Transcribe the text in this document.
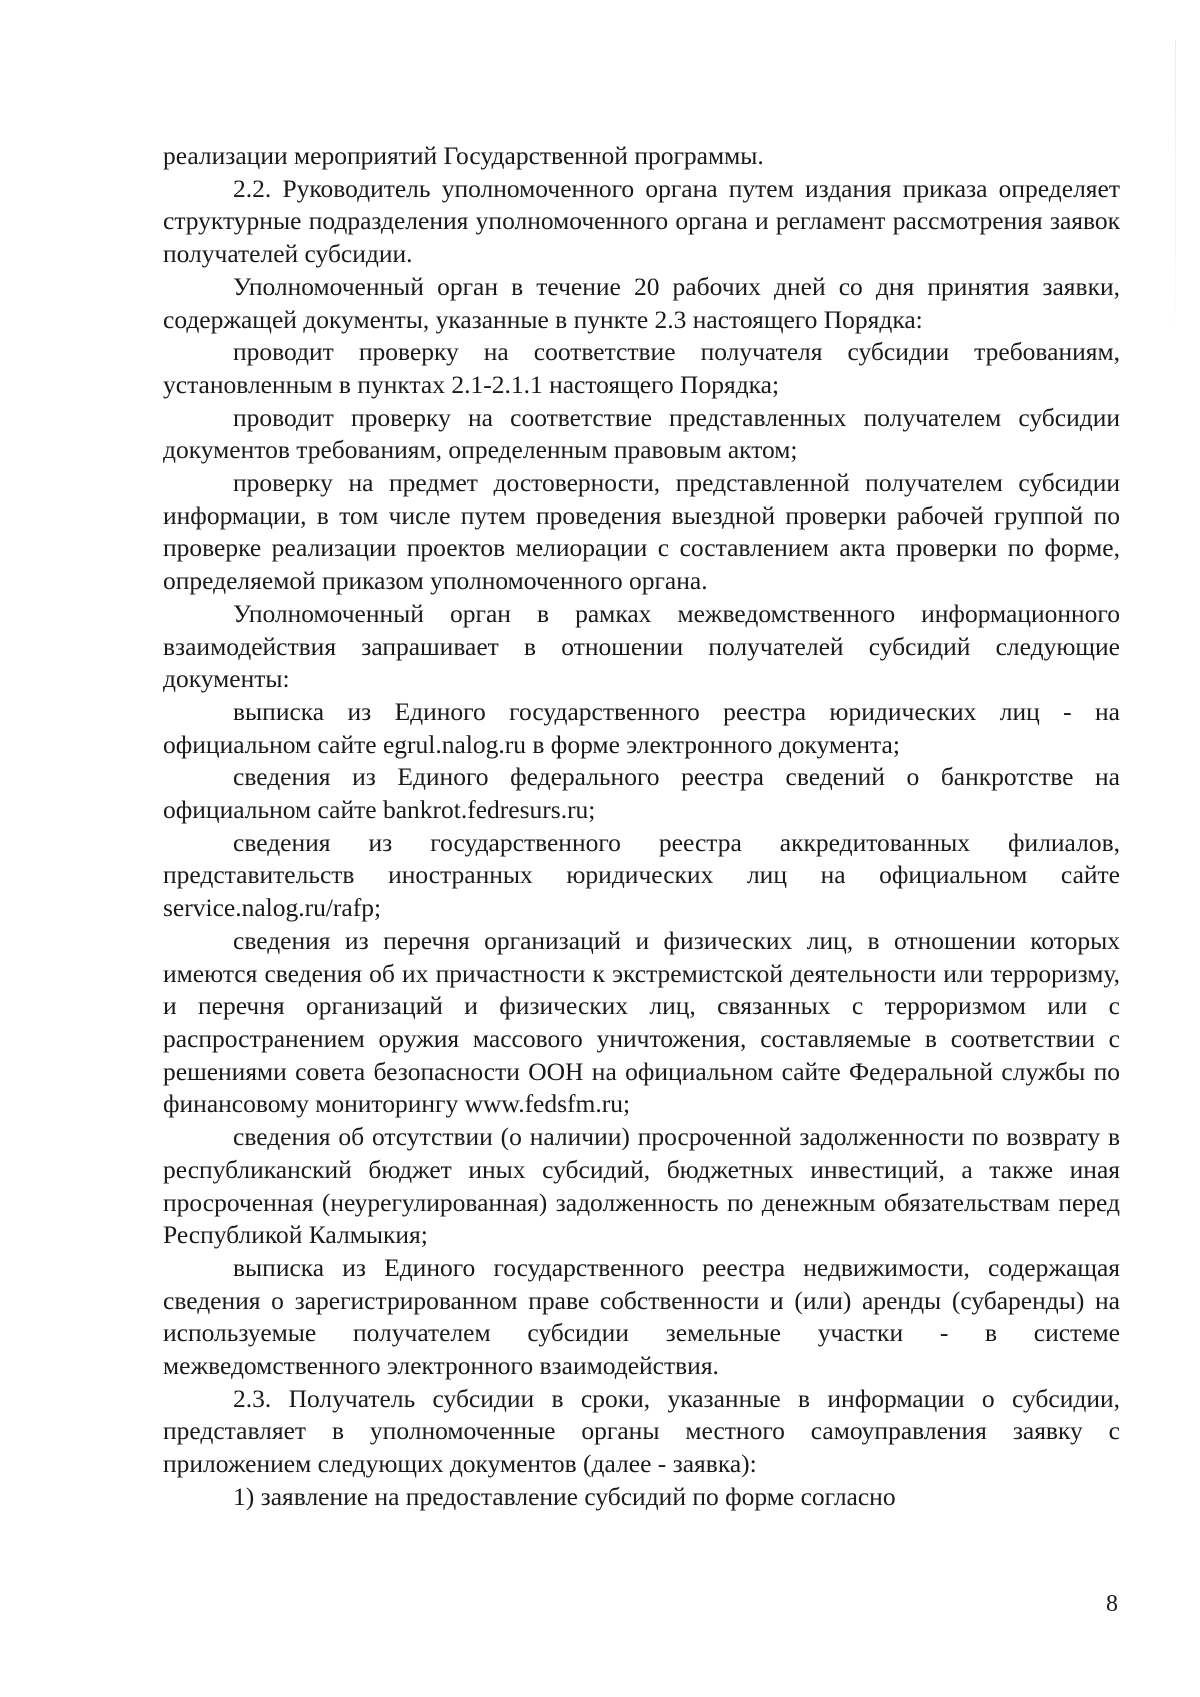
реализации мероприятий Государственной программы.

2.2. Руководитель уполномоченного органа путем издания приказа определяет структурные подразделения уполномоченного органа и регламент рассмотрения заявок получателей субсидии.

Уполномоченный орган в течение 20 рабочих дней со дня принятия заявки, содержащей документы, указанные в пункте 2.3 настоящего Порядка:

проводит проверку на соответствие получателя субсидии требованиям, установленным в пунктах 2.1-2.1.1 настоящего Порядка;

проводит проверку на соответствие представленных получателем субсидии документов требованиям, определенным правовым актом;

проверку на предмет достоверности, представленной получателем субсидии информации, в том числе путем проведения выездной проверки рабочей группой по проверке реализации проектов мелиорации с составлением акта проверки по форме, определяемой приказом уполномоченного органа.

Уполномоченный орган в рамках межведомственного информационного взаимодействия запрашивает в отношении получателей субсидий следующие документы:

выписка из Единого государственного реестра юридических лиц - на официальном сайте egrul.nalog.ru в форме электронного документа;

сведения из Единого федерального реестра сведений о банкротстве на официальном сайте bankrot.fedresurs.ru;

сведения из государственного реестра аккредитованных филиалов, представительств иностранных юридических лиц на официальном сайте service.nalog.ru/rafp;

сведения из перечня организаций и физических лиц, в отношении которых имеются сведения об их причастности к экстремистской деятельности или терроризму, и перечня организаций и физических лиц, связанных с терроризмом или с распространением оружия массового уничтожения, составляемые в соответствии с решениями совета безопасности ООН на официальном сайте Федеральной службы по финансовому мониторингу www.fedsfm.ru;

сведения об отсутствии (о наличии) просроченной задолженности по возврату в республиканский бюджет иных субсидий, бюджетных инвестиций, а также иная просроченная (неурегулированная) задолженность по денежным обязательствам перед Республикой Калмыкия;

выписка из Единого государственного реестра недвижимости, содержащая сведения о зарегистрированном праве собственности и (или) аренды (субаренды) на используемые получателем субсидии земельные участки - в системе межведомственного электронного взаимодействия.

2.3. Получатель субсидии в сроки, указанные в информации о субсидии, представляет в уполномоченные органы местного самоуправления заявку с приложением следующих документов (далее - заявка):

1) заявление на предоставление субсидий по форме согласно

8
